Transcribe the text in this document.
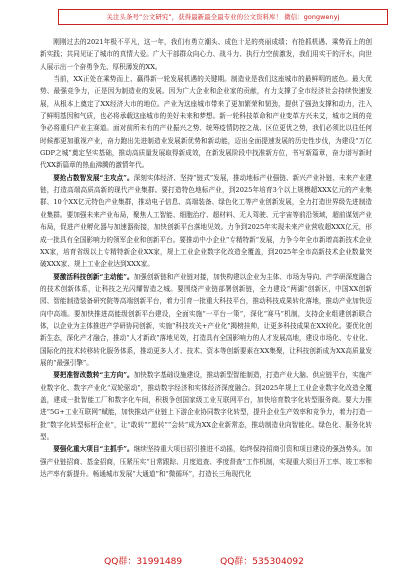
关注头条号“公文研究”，获得最新最全最专业的公文资料库！ 微信：gongwenyj

刚刚过去的2021年极不平凡，这一年，我们有勇立潮头、成色十足的亮丽成绩；有抢抓机遇、乘势而上的创新实践；共同见证了城市的真情大爱。广大干部群众向心力、战斗力、执行力空前激发，我们用实干的汗水，向世人展示出一个奋勇争先、厚积薄发的XX。

当前，XX正处在乘势而上、赢得新一轮发展机遇的关键期。制造业是我们这座城市的最鲜明的底色。最大优势、最强竞争力，正是因为制造业的发展。因为广大企业和企业家的贡献，有力支撑了全市经济社会持续快速发展，从根本上奠定了XX经济大市的地位。产业为这座城市带来了更加繁荣和韧劲，提供了强劲支撑和动力，注入了鲜明基因和气质，也必将承载这座城市的美好未来和梦想。新一轮科技革命和产业变革方兴未艾，城市之间的竞争必将重归产业主赛道。面对前所未有的产业振兴之势、统筹疫情防控之战、区位更优之势，我们必须比以往任何时候都更加重视产业，奋力跑出先进制造业发展新优势和新动能，迈出全面提速发展的历史性步伐，为建设“万亿GDP之城”奠定坚实基础，推动高质量发展取得新成效，在新发展阶段中找准新方位，书写新篇章，奋力谱写新时代XX新篇章的热血沸腾的激情年代。

要抢占数智发展“主攻点”。深刻实体经济、坚持“链式”发展，推动地标产业强链、新兴产业补链、未来产业建链，打造高端高质高新的现代产业集群。要打造特色地标产业，到2025年培育3个以上规模超XXX亿元的产业集群、10个XX亿元特色产业集群，推动电子信息、高端装备、绿色化工等产业创新发展，全力打造世界级先进制造业集群。要加强未来产业布局，聚焦人工智能、细胞治疗、超材料、无人驾驶、元宇宙等前沿领域，超前谋划产业布局，促进产业孵化器与加速器衔接，加快创新平台落地见效。力争到2025年实现未来产业营收超XXX亿元，形成一批具有全国影响力的领军企业和创新平台。要推动中小企业“专精特新”发展，力争今年全市新增高新技术企业XX家，培育省级以上专精特新企业XX家，规上工业企业数字化改造全覆盖，到2025年全市高新技术企业数量突破XXX家、规上工业企业达到XXX家。

要激活科技创新“主动能”。加强创新链和产业链对接，加快构建以企业为主体、市场为导向、产学研深度融合的技术创新体系，让科技之光闪耀智造之城。要围绕产业链部署创新链，全力建设“两湖”创新区，中国XX创新园、智能制造装备研究院等高端创新平台，着力引育一批重大科技平台，推动科技成果转化落地，推动产业加快迈向中高端。要加快推进高能级创新平台建设，全面实施“一平台一策”，深化“赛马”机制，支持企业组建创新联合体，以企业为主体推进产学研协同创新，实施“科技攻关+产业化”揭榜挂帅，让更多科技成果在XX转化。要优化创新生态，深化产才融合，推动“人才新政”落地见效，打造具有全国影响力的人才发展高地，建设市场化、专业化、国际化的技术转移转化服务体系，推动更多人才、技术、资本等创新要素在XX集聚，让科技创新成为XX高质量发展的“最强引擎”。

要把准智改数转“主方向”。加快数字基础设施建设，推动新型智能制造，打造产业大脑、供应链平台，实施产业数字化、数字产业化“双轮驱动”，推动数字经济和实体经济深度融合。到2025年规上工业企业数字化改造全覆盖，建成一批智能工厂和数字化车间，积极争创国家级工业互联网平台，加快培育数字化转型服务商。要大力推进“5G+工业互联网”赋能，加快推动产业链上下游企业协同数字化转型，提升企业生产效率和竞争力，着力打造一批“数字化转型标杆企业”，让“敢转”“愿转”“会转”成为XX企业新常态，推动制造业向智能化、绿色化、服务化转型。

要强化重大项目“主抓手”。继续坚持重大项目招引推进不动摇，始终保持招商引资和项目建设的强劲势头。加强产业链招商、基金招商，压紧压实“日常跟踪、月度追查、季度督查”工作机制，实现重大项目开工率、竣工率和达产率有新提升。畅通城市发展“大通道”和“微循环”，打造长三角现代化

QQ群：31991489	QQ群：535304092
